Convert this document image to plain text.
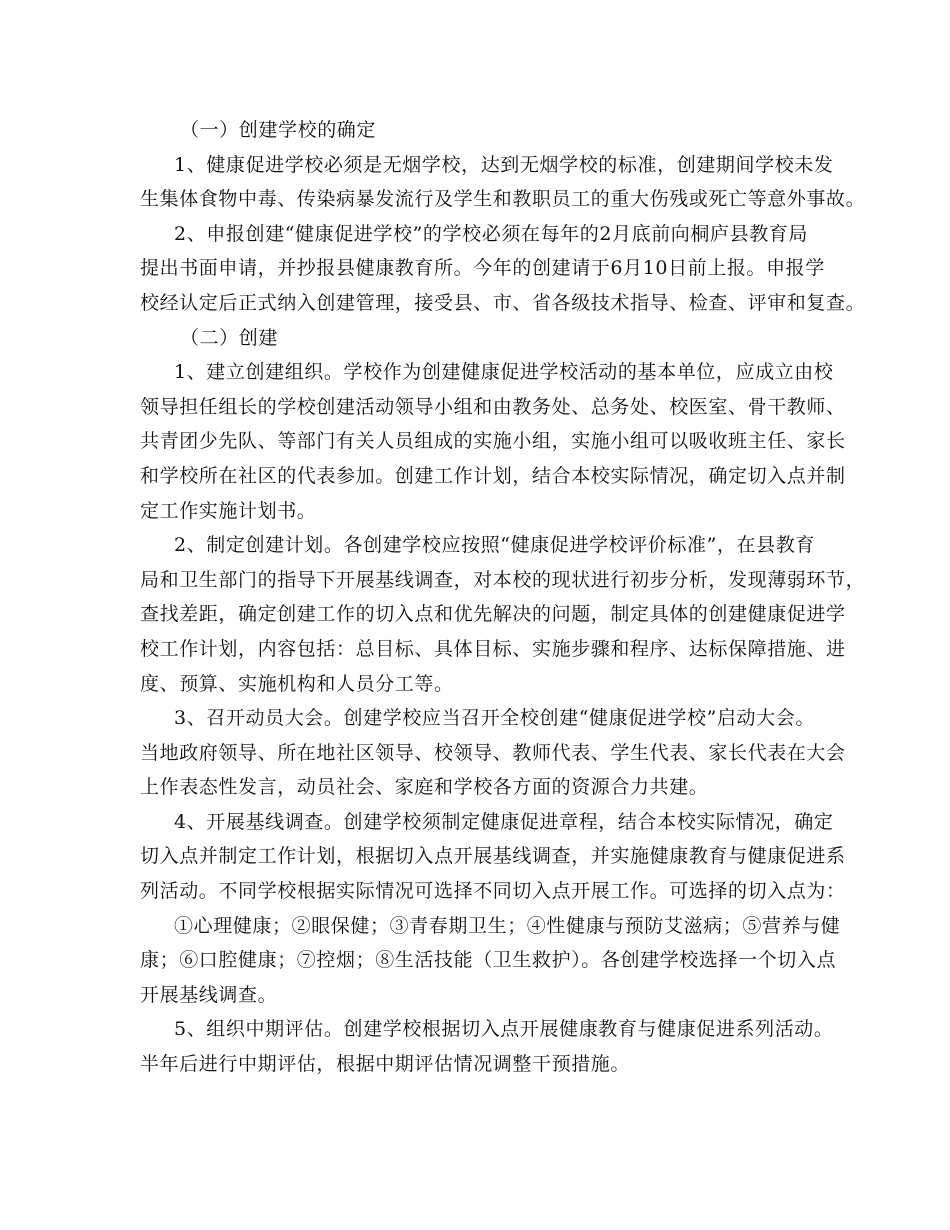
（一）创建学校的确定
1、健康促进学校必须是无烟学校，达到无烟学校的标准，创建期间学校未发
生集体食物中毒、传染病暴发流行及学生和教职员工的重大伤残或死亡等意外事故。
2、申报创建“健康促进学校”的学校必须在每年的2月底前向桐庐县教育局
提出书面申请，并抄报县健康教育所。今年的创建请于6月10日前上报。申报学
校经认定后正式纳入创建管理，接受县、市、省各级技术指导、检查、评审和复查。
（二）创建
1、建立创建组织。学校作为创建健康促进学校活动的基本单位，应成立由校
领导担任组长的学校创建活动领导小组和由教务处、总务处、校医室、骨干教师、
共青团少先队、等部门有关人员组成的实施小组，实施小组可以吸收班主任、家长
和学校所在社区的代表参加。创建工作计划，结合本校实际情况，确定切入点并制
定工作实施计划书。
2、制定创建计划。各创建学校应按照“健康促进学校评价标准”，在县教育
局和卫生部门的指导下开展基线调查，对本校的现状进行初步分析，发现薄弱环节，
查找差距，确定创建工作的切入点和优先解决的问题，制定具体的创建健康促进学
校工作计划，内容包括：总目标、具体目标、实施步骤和程序、达标保障措施、进
度、预算、实施机构和人员分工等。
3、召开动员大会。创建学校应当召开全校创建“健康促进学校”启动大会。
当地政府领导、所在地社区领导、校领导、教师代表、学生代表、家长代表在大会
上作表态性发言，动员社会、家庭和学校各方面的资源合力共建。
4、开展基线调查。创建学校须制定健康促进章程，结合本校实际情况，确定
切入点并制定工作计划，根据切入点开展基线调查，并实施健康教育与健康促进系
列活动。不同学校根据实际情况可选择不同切入点开展工作。可选择的切入点为：
①心理健康；②眼保健；③青春期卫生；④性健康与预防艾滋病；⑤营养与健
康；⑥口腔健康；⑦控烟；⑧生活技能（卫生救护）。各创建学校选择一个切入点
开展基线调查。
5、组织中期评估。创建学校根据切入点开展健康教育与健康促进系列活动。
半年后进行中期评估，根据中期评估情况调整干预措施。
